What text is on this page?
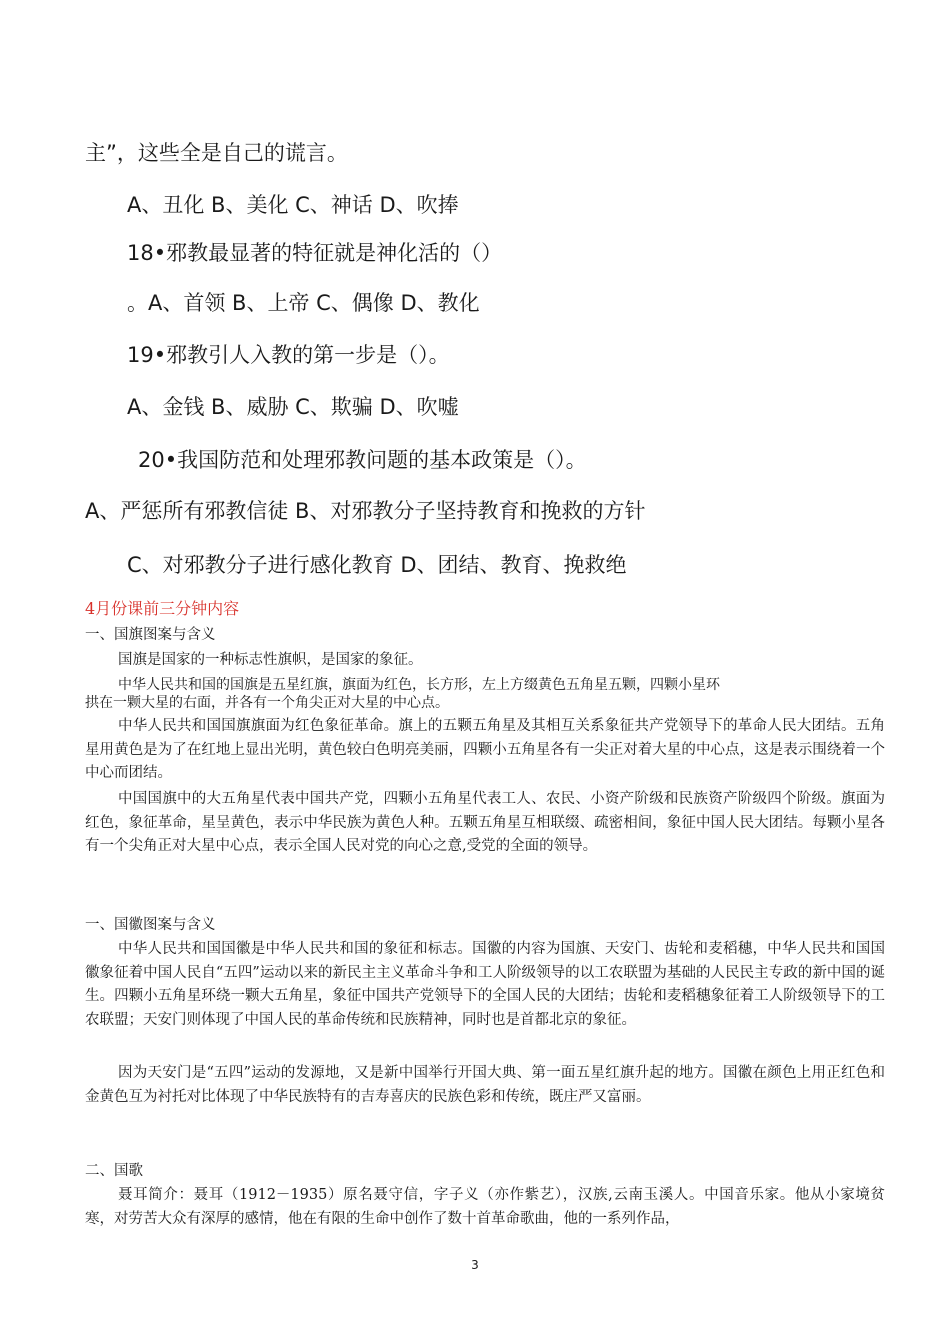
主”，这些全是自己的谎言。
A、丑化 B、美化 C、神话 D、吹捧
18•邪教最显著的特征就是神化活的（）
。A、首领 B、上帝 C、偶像 D、教化
19•邪教引人入教的第一步是（）。
A、金钱 B、威胁 C、欺骗 D、吹嘘
20•我国防范和处理邪教问题的基本政策是（）。
A、严惩所有邪教信徒 B、对邪教分子坚持教育和挽救的方针
C、对邪教分子进行感化教育 D、团结、教育、挽救绝
4月份课前三分钟内容
一、国旗图案与含义
国旗是国家的一种标志性旗帜，是国家的象征。
中华人民共和国的国旗是五星红旗，旗面为红色，长方形，左上方缀黄色五角星五颗，四颗小星环
拱在一颗大星的右面，并各有一个角尖正对大星的中心点。
中华人民共和国国旗旗面为红色象征革命。旗上的五颗五角星及其相互关系象征共产党领导下的革命人民大团结。五角星用黄色是为了在红地上显出光明，黄色较白色明亮美丽，四颗小五角星各有一尖正对着大星的中心点，这是表示围绕着一个中心而团结。
中国国旗中的大五角星代表中国共产党，四颗小五角星代表工人、农民、小资产阶级和民族资产阶级四个阶级。旗面为红色，象征革命，星呈黄色，表示中华民族为黄色人种。五颗五角星互相联缀、疏密相间，象征中国人民大团结。每颗小星各有一个尖角正对大星中心点，表示全国人民对党的向心之意,受党的全面的领导。
一、国徽图案与含义
中华人民共和国国徽是中华人民共和国的象征和标志。国徽的内容为国旗、天安门、齿轮和麦稻穗，中华人民共和国国徽象征着中国人民自“五四”运动以来的新民主主义革命斗争和工人阶级领导的以工农联盟为基础的人民民主专政的新中国的诞生。四颗小五角星环绕一颗大五角星，象征中国共产党领导下的全国人民的大团结；齿轮和麦稻穗象征着工人阶级领导下的工农联盟；天安门则体现了中国人民的革命传统和民族精神，同时也是首都北京的象征。
因为天安门是“五四”运动的发源地，又是新中国举行开国大典、第一面五星红旗升起的地方。国徽在颜色上用正红色和金黄色互为衬托对比体现了中华民族特有的吉寿喜庆的民族色彩和传统，既庄严又富丽。
二、国歌
聂耳简介：聂耳（1912－1935）原名聂守信，字子义（亦作紫艺），汉族,云南玉溪人。中国音乐家。他从小家境贫寒，对劳苦大众有深厚的感情，他在有限的生命中创作了数十首革命歌曲，他的一系列作品，
3
